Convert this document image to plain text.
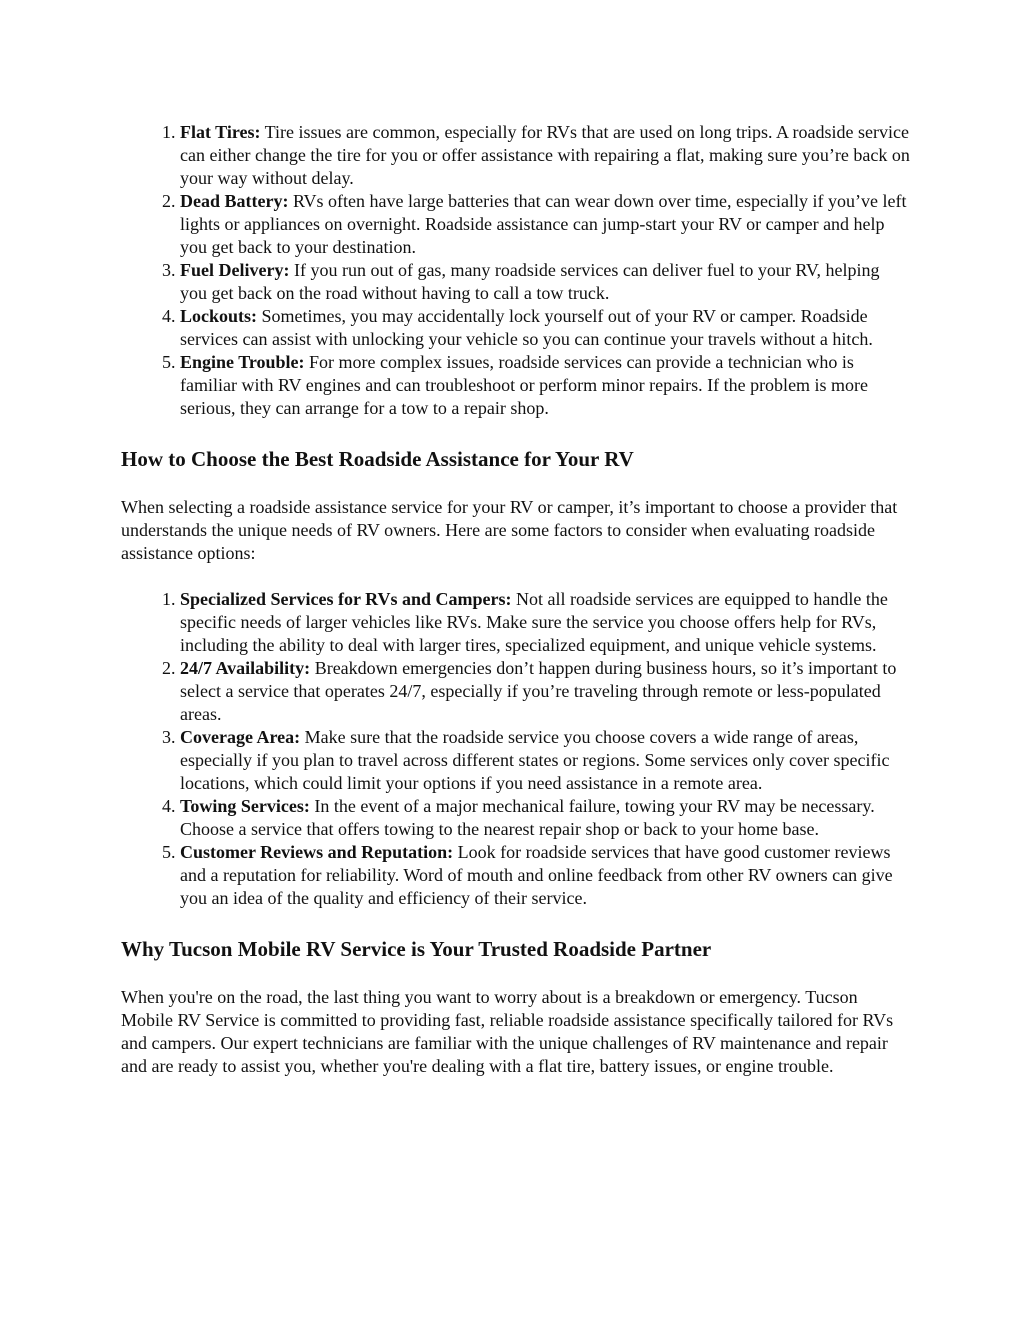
1. Flat Tires: Tire issues are common, especially for RVs that are used on long trips. A roadside service can either change the tire for you or offer assistance with repairing a flat, making sure you’re back on your way without delay.
2. Dead Battery: RVs often have large batteries that can wear down over time, especially if you’ve left lights or appliances on overnight. Roadside assistance can jump-start your RV or camper and help you get back to your destination.
3. Fuel Delivery: If you run out of gas, many roadside services can deliver fuel to your RV, helping you get back on the road without having to call a tow truck.
4. Lockouts: Sometimes, you may accidentally lock yourself out of your RV or camper. Roadside services can assist with unlocking your vehicle so you can continue your travels without a hitch.
5. Engine Trouble: For more complex issues, roadside services can provide a technician who is familiar with RV engines and can troubleshoot or perform minor repairs. If the problem is more serious, they can arrange for a tow to a repair shop.
How to Choose the Best Roadside Assistance for Your RV

When selecting a roadside assistance service for your RV or camper, it’s important to choose a provider that understands the unique needs of RV owners. Here are some factors to consider when evaluating roadside assistance options:

1. Specialized Services for RVs and Campers: Not all roadside services are equipped to handle the specific needs of larger vehicles like RVs. Make sure the service you choose offers help for RVs, including the ability to deal with larger tires, specialized equipment, and unique vehicle systems.
2. 24/7 Availability: Breakdown emergencies don’t happen during business hours, so it’s important to select a service that operates 24/7, especially if you’re traveling through remote or less-populated areas.
3. Coverage Area: Make sure that the roadside service you choose covers a wide range of areas, especially if you plan to travel across different states or regions. Some services only cover specific locations, which could limit your options if you need assistance in a remote area.
4. Towing Services: In the event of a major mechanical failure, towing your RV may be necessary. Choose a service that offers towing to the nearest repair shop or back to your home base.
5. Customer Reviews and Reputation: Look for roadside services that have good customer reviews and a reputation for reliability. Word of mouth and online feedback from other RV owners can give you an idea of the quality and efficiency of their service.
Why Tucson Mobile RV Service is Your Trusted Roadside Partner

When you're on the road, the last thing you want to worry about is a breakdown or emergency. Tucson Mobile RV Service is committed to providing fast, reliable roadside assistance specifically tailored for RVs and campers. Our expert technicians are familiar with the unique challenges of RV maintenance and repair and are ready to assist you, whether you're dealing with a flat tire, battery issues, or engine trouble.
